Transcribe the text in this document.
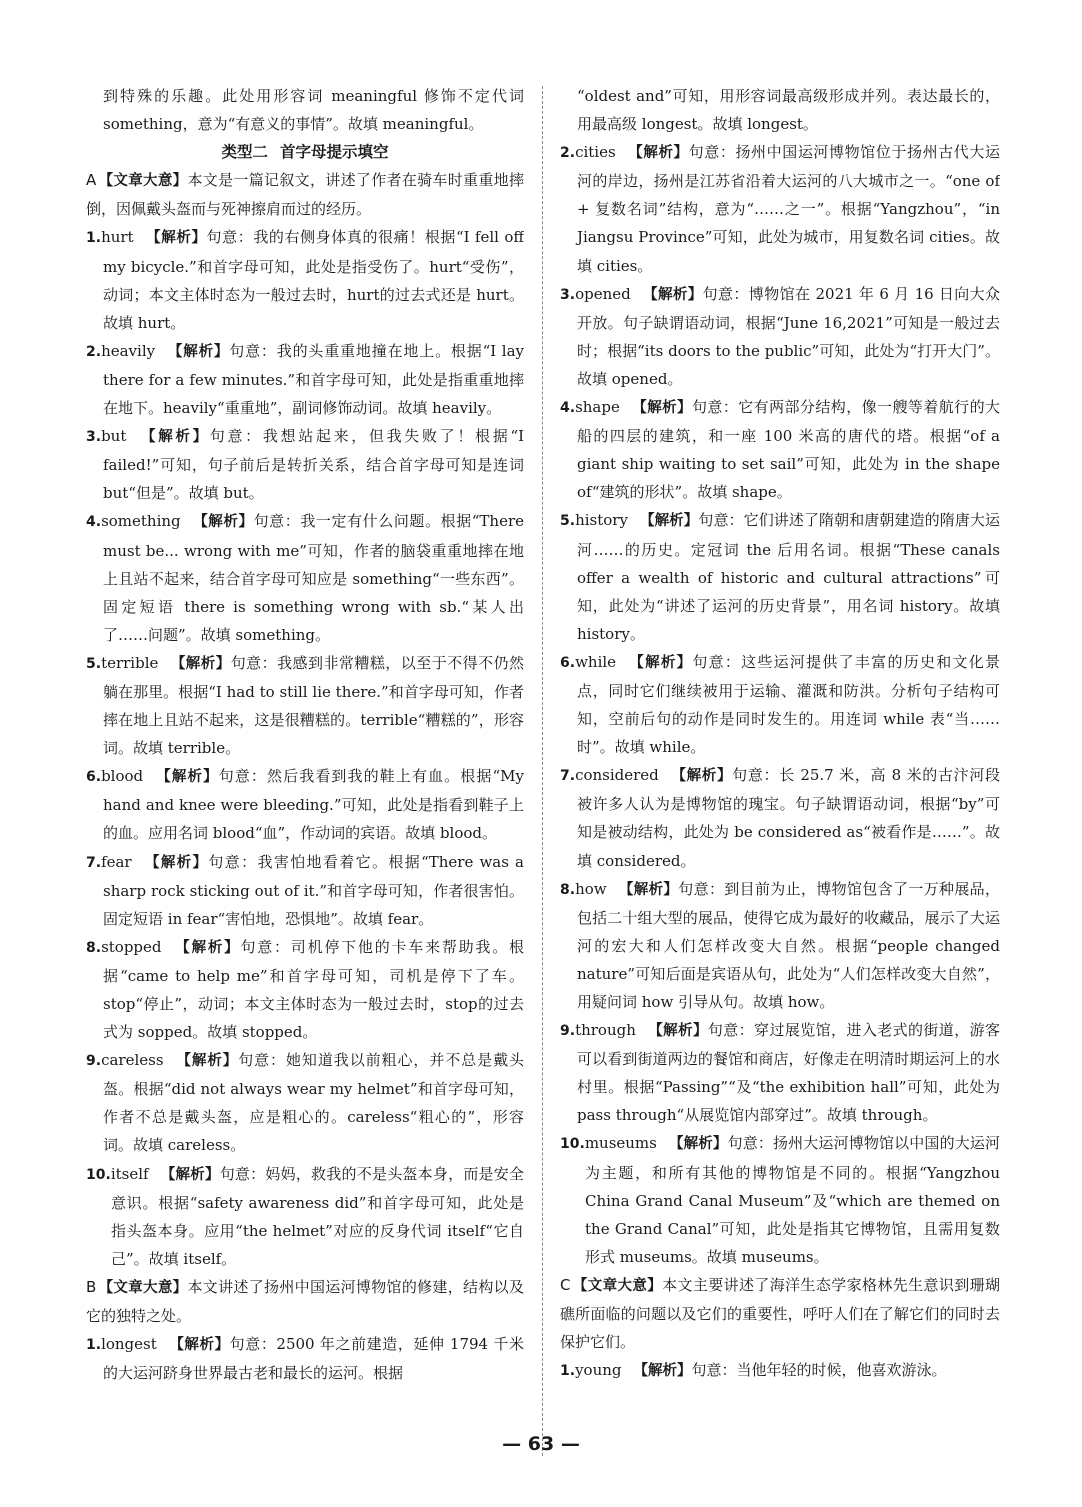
到特殊的乐趣。此处用形容词 meaningful 修饰不定代词 something，意为“有意义的事情”。故填 meaningful。

类型二 首字母提示填空

A 【文章大意】本文是一篇记叙文，讲述了作者在骑车时重重地摔倒，因佩戴头盔而与死神擦肩而过的经历。

1.hurt 【解析】句意：我的右侧身体真的很痛！根据“I fell off my bicycle.”和首字母可知，此处是指受伤了。hurt“受伤”，动词；本文主体时态为一般过去时，hurt的过去式还是 hurt。故填 hurt。

2.heavily 【解析】句意：我的头重重地撞在地上。根据“I lay there for a few minutes.”和首字母可知，此处是指重重地摔在地下。heavily“重重地”，副词修饰动词。故填 heavily。

3.but 【解析】句意：我想站起来，但我失败了！根据“I failed!”可知，句子前后是转折关系，结合首字母可知是连词 but“但是”。故填 but。

4.something 【解析】句意：我一定有什么问题。根据“There must be... wrong with me”可知，作者的脑袋重重地摔在地上且站不起来，结合首字母可知应是 something“一些东西”。固定短语 there is something wrong with sb.“某人出了……问题”。故填 something。

5.terrible 【解析】句意：我感到非常糟糕，以至于不得不仍然躺在那里。根据“I had to still lie there.”和首字母可知，作者摔在地上且站不起来，这是很糟糕的。terrible“糟糕的”，形容词。故填 terrible。

6.blood 【解析】句意：然后我看到我的鞋上有血。根据“My hand and knee were bleeding.”可知，此处是指看到鞋子上的血。应用名词 blood“血”，作动词的宾语。故填 blood。

7.fear 【解析】句意：我害怕地看着它。根据“There was a sharp rock sticking out of it.”和首字母可知，作者很害怕。固定短语 in fear“害怕地，恐惧地”。故填 fear。

8.stopped 【解析】句意：司机停下他的卡车来帮助我。根据“came to help me”和首字母可知，司机是停下了车。stop“停止”，动词；本文主体时态为一般过去时，stop的过去式为 sopped。故填 stopped。

9.careless 【解析】句意：她知道我以前粗心，并不总是戴头盔。根据“did not always wear my helmet”和首字母可知，作者不总是戴头盔，应是粗心的。careless“粗心的”，形容词。故填 careless。

10.itself 【解析】句意：妈妈，救我的不是头盔本身，而是安全意识。根据“safety awareness did”和首字母可知，此处是指头盔本身。应用“the helmet”对应的反身代词 itself“它自己”。故填 itself。

B 【文章大意】本文讲述了扬州中国运河博物馆的修建，结构以及它的独特之处。

1.longest 【解析】句意：2500 年之前建造，延伸 1794 千米的大运河跻身世界最古老和最长的运河。根据

“oldest and”可知，用形容词最高级形成并列。表达最长的，用最高级 longest。故填 longest。

2.cities 【解析】句意：扬州中国运河博物馆位于扬州古代大运河的岸边，扬州是江苏省沿着大运河的八大城市之一。“one of + 复数名词”结构，意为“……之一”。根据“Yangzhou”，“in Jiangsu Province”可知，此处为城市，用复数名词 cities。故填 cities。

3.opened 【解析】句意：博物馆在 2021 年 6 月 16 日向大众开放。句子缺谓语动词，根据“June 16,2021”可知是一般过去时；根据“its doors to the public”可知，此处为“打开大门”。故填 opened。

4.shape 【解析】句意：它有两部分结构，像一艘等着航行的大船的四层的建筑，和一座 100 米高的唐代的塔。根据“of a giant ship waiting to set sail”可知，此处为 in the shape of“建筑的形状”。故填 shape。

5.history 【解析】句意：它们讲述了隋朝和唐朝建造的隋唐大运河……的历史。定冠词 the 后用名词。根据“These canals offer a wealth of historic and cultural attractions”可知，此处为“讲述了运河的历史背景”，用名词 history。故填 history。

6.while 【解析】句意：这些运河提供了丰富的历史和文化景点，同时它们继续被用于运输、灌溉和防洪。分析句子结构可知，空前后句的动作是同时发生的。用连词 while 表“当……时”。故填 while。

7.considered 【解析】句意：长 25.7 米，高 8 米的古汴河段被许多人认为是博物馆的瑰宝。句子缺谓语动词，根据“by”可知是被动结构，此处为 be considered as“被看作是……”。故填 considered。

8.how 【解析】句意：到目前为止，博物馆包含了一万种展品，包括二十组大型的展品，使得它成为最好的收藏品，展示了大运河的宏大和人们怎样改变大自然。根据“people changed nature”可知后面是宾语从句，此处为“人们怎样改变大自然”，用疑问词 how 引导从句。故填 how。

9.through 【解析】句意：穿过展览馆，进入老式的街道，游客可以看到街道两边的餐馆和商店，好像走在明清时期运河上的水村里。根据“Passing”“及“the exhibition hall”可知，此处为 pass through“从展览馆内部穿过”。故填 through。

10.museums 【解析】句意：扬州大运河博物馆以中国的大运河为主题，和所有其他的博物馆是不同的。根据“Yangzhou China Grand Canal Museum”及“which are themed on the Grand Canal”可知，此处是指其它博物馆，且需用复数形式 museums。故填 museums。

C 【文章大意】本文主要讲述了海洋生态学家格林先生意识到珊瑚礁所面临的问题以及它们的重要性，呼吁人们在了解它们的同时去保护它们。

1.young 【解析】句意：当他年轻的时候，他喜欢游泳。

— 63 —
